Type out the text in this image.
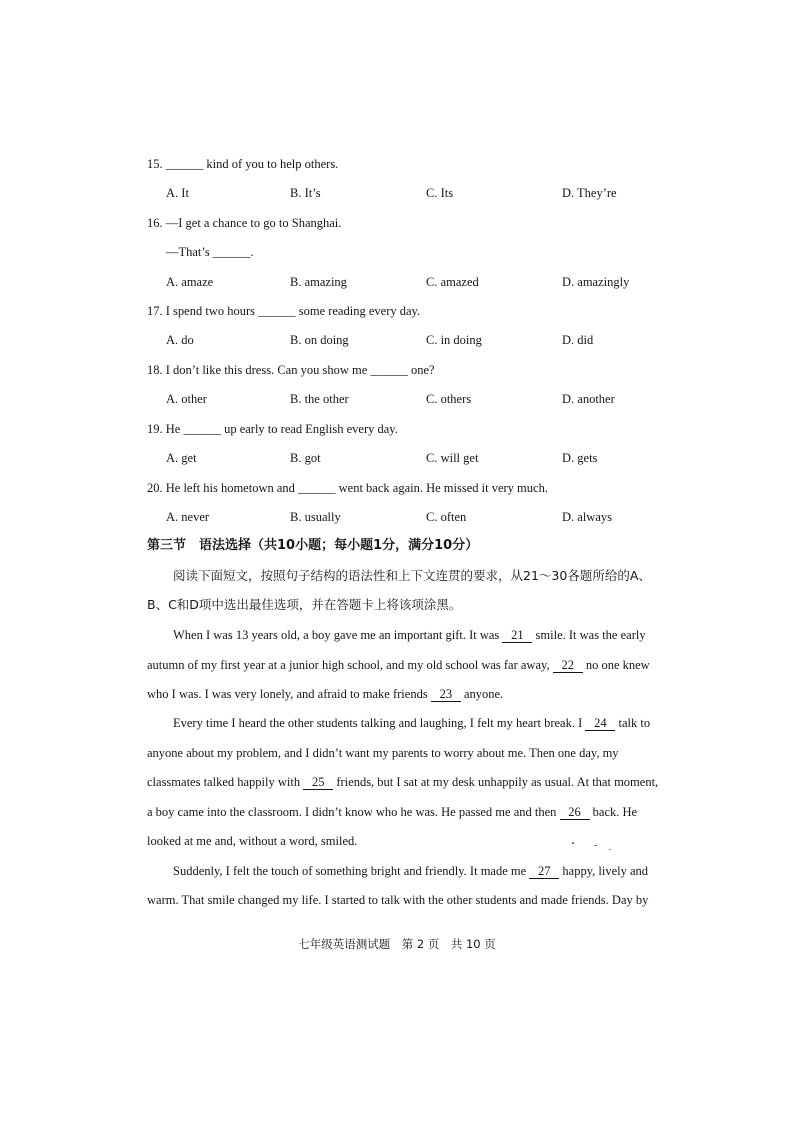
15. ______ kind of you to help others.
A. It	B. It’s	C. Its	D. They’re
16. —I get a chance to go to Shanghai.
—That’s ______.
A. amaze	B. amazing	C. amazed	D. amazingly
17. I spend two hours ______ some reading every day.
A. do	B. on doing	C. in doing	D. did
18. I don’t like this dress. Can you show me ______ one?
A. other	B. the other	C. others	D. another
19. He ______ up early to read English every day.
A. get	B. got	C. will get	D. gets
20. He left his hometown and ______ went back again. He missed it very much.
A. never	B. usually	C. often	D. always
第三节　语法选择（共10小题；每小题1分，满分10分）
阅读下面短文，按照句子结构的语法性和上下文连贯的要求，从21～30各题所给的A、
B、C和D项中选出最佳选项，并在答题卡上将该项涂黑。
When I was 13 years old, a boy gave me an important gift. It was 21 smile. It was the early
autumn of my first year at a junior high school, and my old school was far away, 22 no one knew
who I was. I was very lonely, and afraid to make friends 23 anyone.
Every time I heard the other students talking and laughing, I felt my heart break. I 24 talk to
anyone about my problem, and I didn’t want my parents to worry about me. Then one day, my
classmates talked happily with 25 friends, but I sat at my desk unhappily as usual. At that moment,
a boy came into the classroom. I didn’t know who he was. He passed me and then 26 back. He
looked at me and, without a word, smiled.
Suddenly, I felt the touch of something bright and friendly. It made me 27 happy, lively and
warm. That smile changed my life. I started to talk with the other students and made friends. Day by
七年级英语测试题　第 2 页　共 10 页
